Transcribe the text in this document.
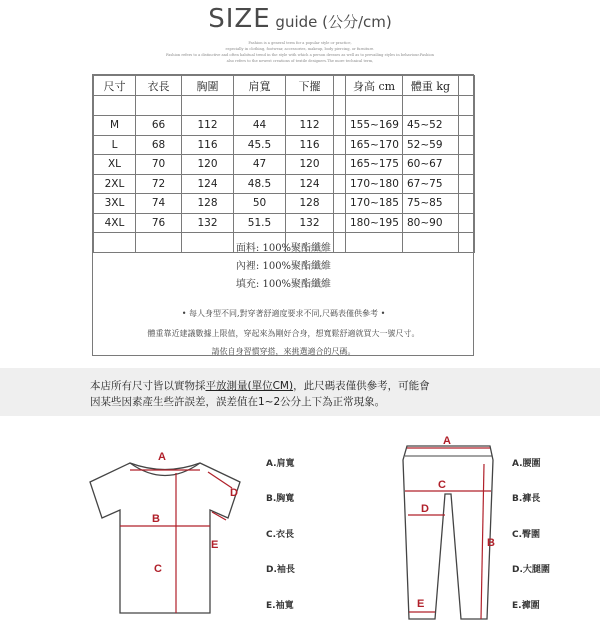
SIZE guide (公分/cm)
Fashion is a general term for a popular style or practice,
especially in clothing, footwear, accessories, makeup, body piercing, or furniture.
Fashion refers to a distinctive and often habitual trend in the style with which a person dresses as well as to prevailing styles in behaviour.Fashion
also refers to the newest creations of textile designers.The more technical term,
尺寸	衣長	胸圍	肩寬	下擺		身高 cm	體重 kg	

M	66	112	44	112		155~169	45~52	
L	68	116	45.5	116		165~170	52~59	
XL	70	120	47	120		165~175	60~67	
2XL	72	124	48.5	124		170~180	67~75	
3XL	74	128	50	128		170~185	75~85	
4XL	76	132	51.5	132		180~195	80~90	

面料: 100%聚酯纖維
內裡: 100%聚酯纖維
填充: 100%聚酯纖維
• 每人身型不同,對穿著舒適度要求不同,尺碼表僅供參考 •
體重靠近建議數據上限值，穿起來為剛好合身，想寬鬆舒適就買大一號尺寸。
請依自身習慣穿搭，來挑選適合的尺碼。
本店所有尺寸皆以實物採平放測量(單位CM)，此尺碼表僅供參考，可能會
因某些因素產生些許誤差，誤差值在1~2公分上下為正常現象。
A
B
C
D
E
A.肩寬
B.胸寬
C.衣長
D.袖長
E.袖寬
A
C
D
B
E
A.腰圍
B.褲長
C.臀圍
D.大腿圍
E.褲圍
